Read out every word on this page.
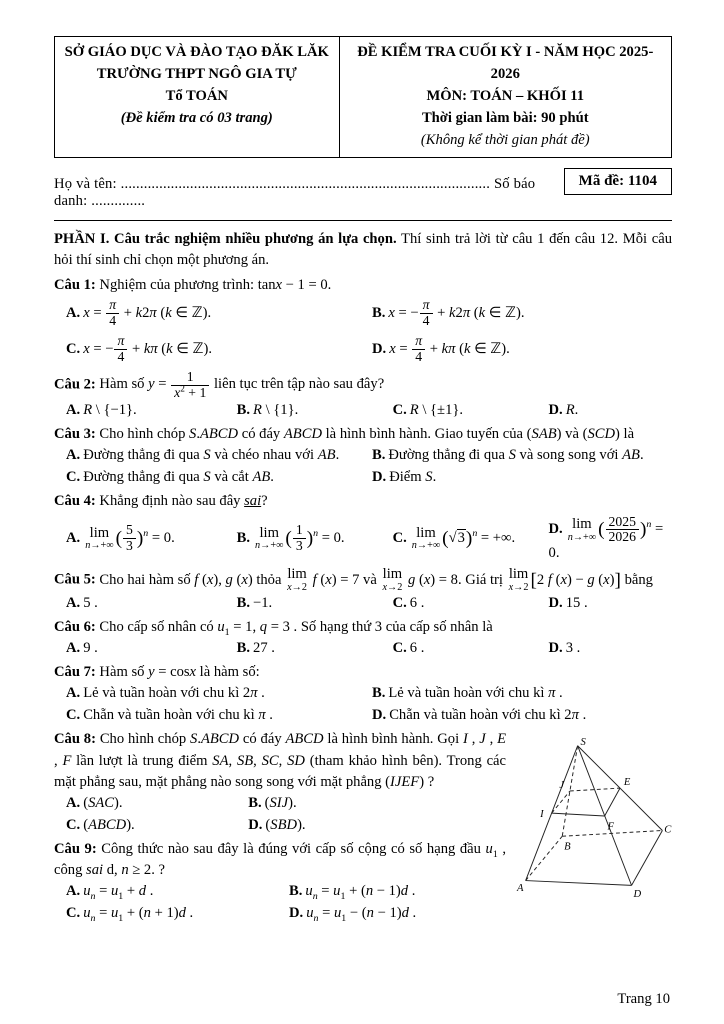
SỞ GIÁO DỤC VÀ ĐÀO TẠO ĐĂK LĂK
TRƯỜNG THPT NGÔ GIA TỰ
Tổ TOÁN
(Đề kiểm tra có 03 trang)
ĐỀ KIỂM TRA CUỐI KỲ I - NĂM HỌC 2025-2026
MÔN: TOÁN – KHỐI 11
Thời gian làm bài: 90 phút
(Không kể thời gian phát đề)
Họ và tên: ................................................................................................ Số báo danh: ..............
Mã đề: 1104

PHẦN I. Câu trắc nghiệm nhiều phương án lựa chọn. Thí sinh trả lời từ câu 1 đến câu 12. Mỗi câu hỏi thí sinh chỉ chọn một phương án.

Câu 1: Nghiệm của phương trình: tanx − 1 = 0.

A. $x = \frac{\pi}{4} + k2\pi$ (k ∈ ℤ).	B. x = − $\frac{\pi}{4} + k2\pi$ (k ∈ ℤ).
C. x = − $\frac{\pi}{4} + k\pi$ (k ∈ ℤ).	D. $x = \frac{\pi}{4} + k\pi$ (k ∈ ℤ).

Câu 2: Hàm số $y = \frac{1}{x^2 + 1}$ liên tục trên tập nào sau đây?

A. R \ {−1}.	B. R \ {1}.	C. R \ {±1}.	D. R.

Câu 3: Cho hình chóp S.ABCD có đáy ABCD là hình bình hành. Giao tuyến của (SAB) và (SCD) là

A. Đường thẳng đi qua S và chéo nhau với AB.	B. Đường thẳng đi qua S và song song với AB.
C. Đường thẳng đi qua S và cắt AB.	D. Điểm S.

Câu 4: Khẳng định nào sau đây sai?

A. lim
n→+∞ ( $\frac{5}{3} )^n = 0$.	B. lim
n→+∞ ( $\frac{1}{3} )^n = 0$.	C. lim
n→+∞ $(√3)^n$ = +∞.
D. lim
n→+∞ ( $\frac{2025}{2026} )^n = 0$.

Câu 5: Cho hai hàm số f (x), g (x) thỏa lim
x→2 f (x) = 7 và lim
x→2 g (x) = 8. Giá trị lim
x→2 [2 f (x) − g (x)] bằng

A. 5 .	B. −1.	C. 6 .	D. 15 .

Câu 6: Cho cấp số nhân có $u_1 = 1$, q = 3 . Số hạng thứ 3 của cấp số nhân là

A. 9 .	B. 27 .	C. 6 .	D. 3 .

Câu 7: Hàm số y = cosx là hàm số:

A. Lẻ và tuần hoàn với chu kì 2π .	B. Lẻ và tuần hoàn với chu kì π .
C. Chẵn và tuần hoàn với chu kì π .	D. Chẵn và tuần hoàn với chu kì 2π .
S
A
B
C
D
I
J	E
F

Câu 8: Cho hình chóp S.ABCD có đáy ABCD là hình bình hành. Gọi I , J , E , F lần lượt là trung điểm SA, SB, SC, SD (tham khảo hình bên). Trong các mặt phẳng sau, mặt phẳng nào song song với mặt phẳng (IJEF) ?

A. (SAC).	B. (SIJ).
C. (ABCD).	D. (SBD).

Câu 9: Công thức nào sau đây là đúng với cấp số cộng có số hạng đầu $u_1$ , công sai d, n ≥ 2. ?

A. $u_n = u_1 + d$ .	B. $u_n = u_1 + (n - 1)d$ .
C. $u_n = u_1 + (n + 1)d$ .	D. $u_n = u_1 - (n - 1)d$ .
Trang 10
